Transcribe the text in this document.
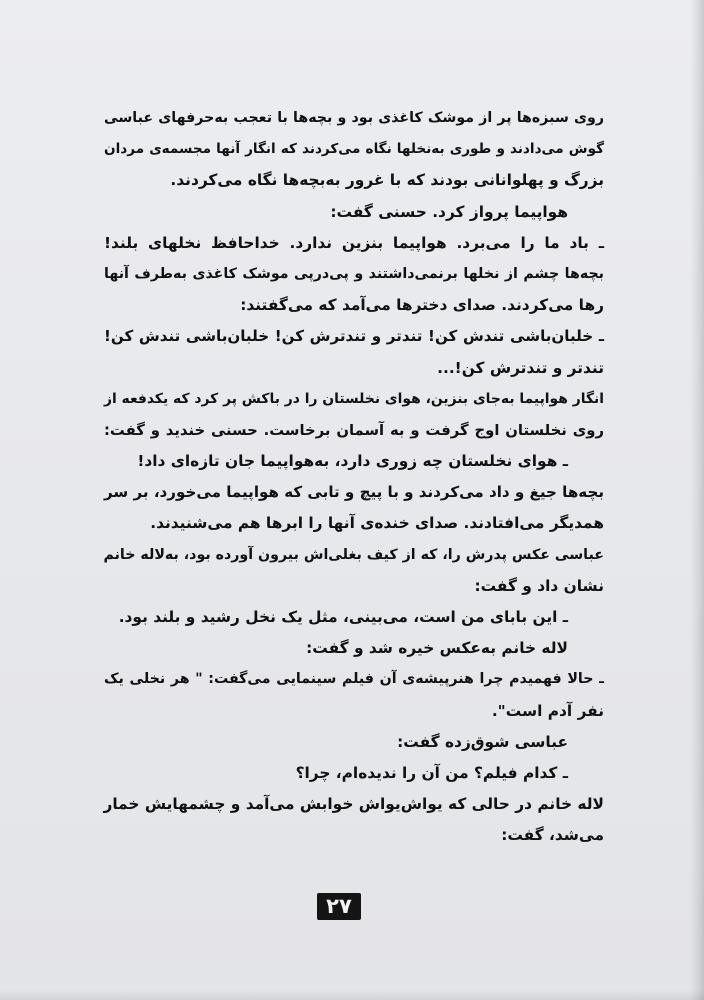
روی سبزه‌ها پر از موشک کاغذی بود و بچه‌ها با تعجب به‌حرفهای عباسی
گوش می‌دادند و طوری به‌نخلها نگاه می‌کردند که انگار آنها مجسمه‌ی مردان
بزرگ و پهلوانانی بودند که با غرور به‌بچه‌ها نگاه می‌کردند.
هواپیما پرواز کرد. حسنی گفت:
ـ باد ما را می‌برد. هواپیما بنزین ندارد. خداحافظ نخلهای بلند!
بچه‌ها چشم از نخلها برنمی‌داشتند و پی‌درپی موشک کاغذی به‌طرف آنها
رها می‌کردند. صدای دخترها می‌آمد که می‌گفتند:
ـ خلبان‌باشی تندش کن! تندتر و تندترش کن! خلبان‌باشی تندش کن!
تندتر و تندترش کن!...
انگار هواپیما به‌جای بنزین، هوای نخلستان را در باکش پر کرد که یکدفعه از
روی نخلستان اوج گرفت و به آسمان برخاست. حسنی خندید و گفت:
ـ هوای نخلستان چه زوری دارد، به‌هواپیما جان تازه‌ای داد!
بچه‌ها جیغ و داد می‌کردند و با پیچ و تابی که هواپیما می‌خورد، بر سر
همدیگر می‌افتادند. صدای خنده‌ی آنها را ابرها هم می‌شنیدند.
عباسی عکس پدرش را، که از کیف بغلی‌اش بیرون آورده بود، به‌لاله خانم
نشان داد و گفت:
ـ این بابای من است، می‌بینی، مثل یک نخل رشید و بلند بود.
لاله خانم به‌عکس خیره شد و گفت:
ـ حالا فهمیدم چرا هنرپیشه‌ی آن فیلم سینمایی می‌گفت: " هر نخلی یک
نفر آدم است".
عباسی شوق‌زده گفت:
ـ کدام فیلم؟ من آن را ندیده‌ام، چرا؟
لاله خانم در حالی که یواش‌یواش خوابش می‌آمد و چشمهایش خمار
می‌شد، گفت:
۲۷
